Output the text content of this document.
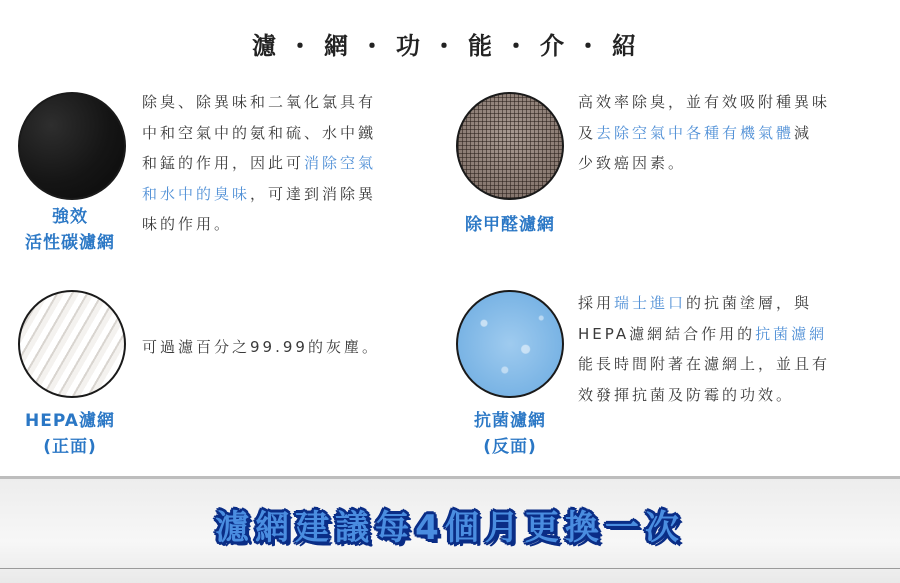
濾・網・功・能・介・紹
強效
活性碳濾網
除臭、除異味和二氧化氯具有
中和空氣中的氨和硫、水中鐵
和錳的作用，因此可消除空氣
和水中的臭味，可達到消除異
味的作用。	除甲醛濾網
高效率除臭，並有效吸附種異味
及去除空氣中各種有機氣體減
少致癌因素。
HEPA濾網
(正面)
可過濾百分之99.99的灰塵。
抗菌濾網
(反面)
採用瑞士進口的抗菌塗層，與
HEPA濾網結合作用的抗菌濾網
能長時間附著在濾網上，並且有
效發揮抗菌及防霉的功效。
濾網建議每4個月更換一次
